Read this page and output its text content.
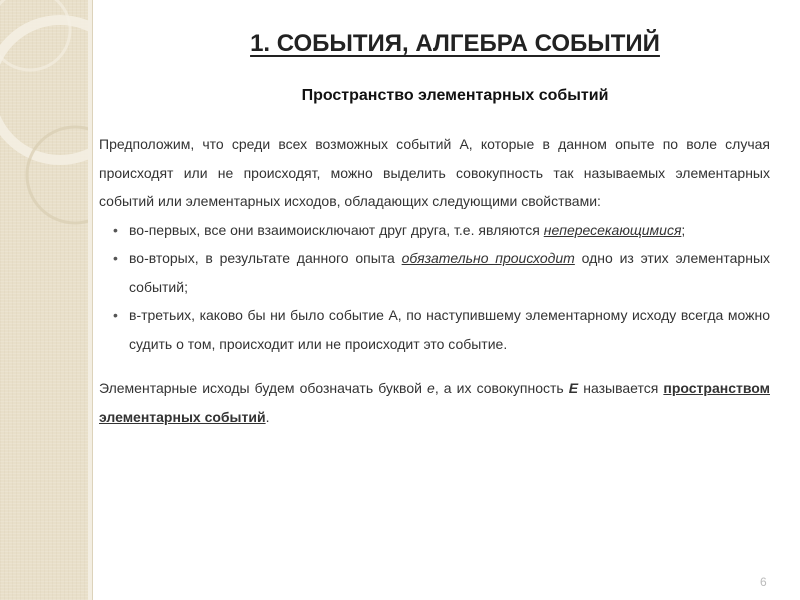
1. СОБЫТИЯ, АЛГЕБРА СОБЫТИЙ
Пространство элементарных событий

Предположим, что среди всех возможных событий А, которые в данном опыте по воле случая происходят или не происходят, можно выделить совокупность так называемых элементарных событий или элементарных исходов, обладающих следующими свойствами:

• во-первых, все они взаимоисключают друг друга, т.е. являются непересекающимися;
• во-вторых, в результате данного опыта обязательно происходит одно из этих элементарных событий;
• в-третьих, каково бы ни было событие А, по наступившему элементарному исходу всегда можно судить о том, происходит или не происходит это событие.

Элементарные исходы будем обозначать буквой е, а их совокупность Е называется пространством элементарных событий.

6
